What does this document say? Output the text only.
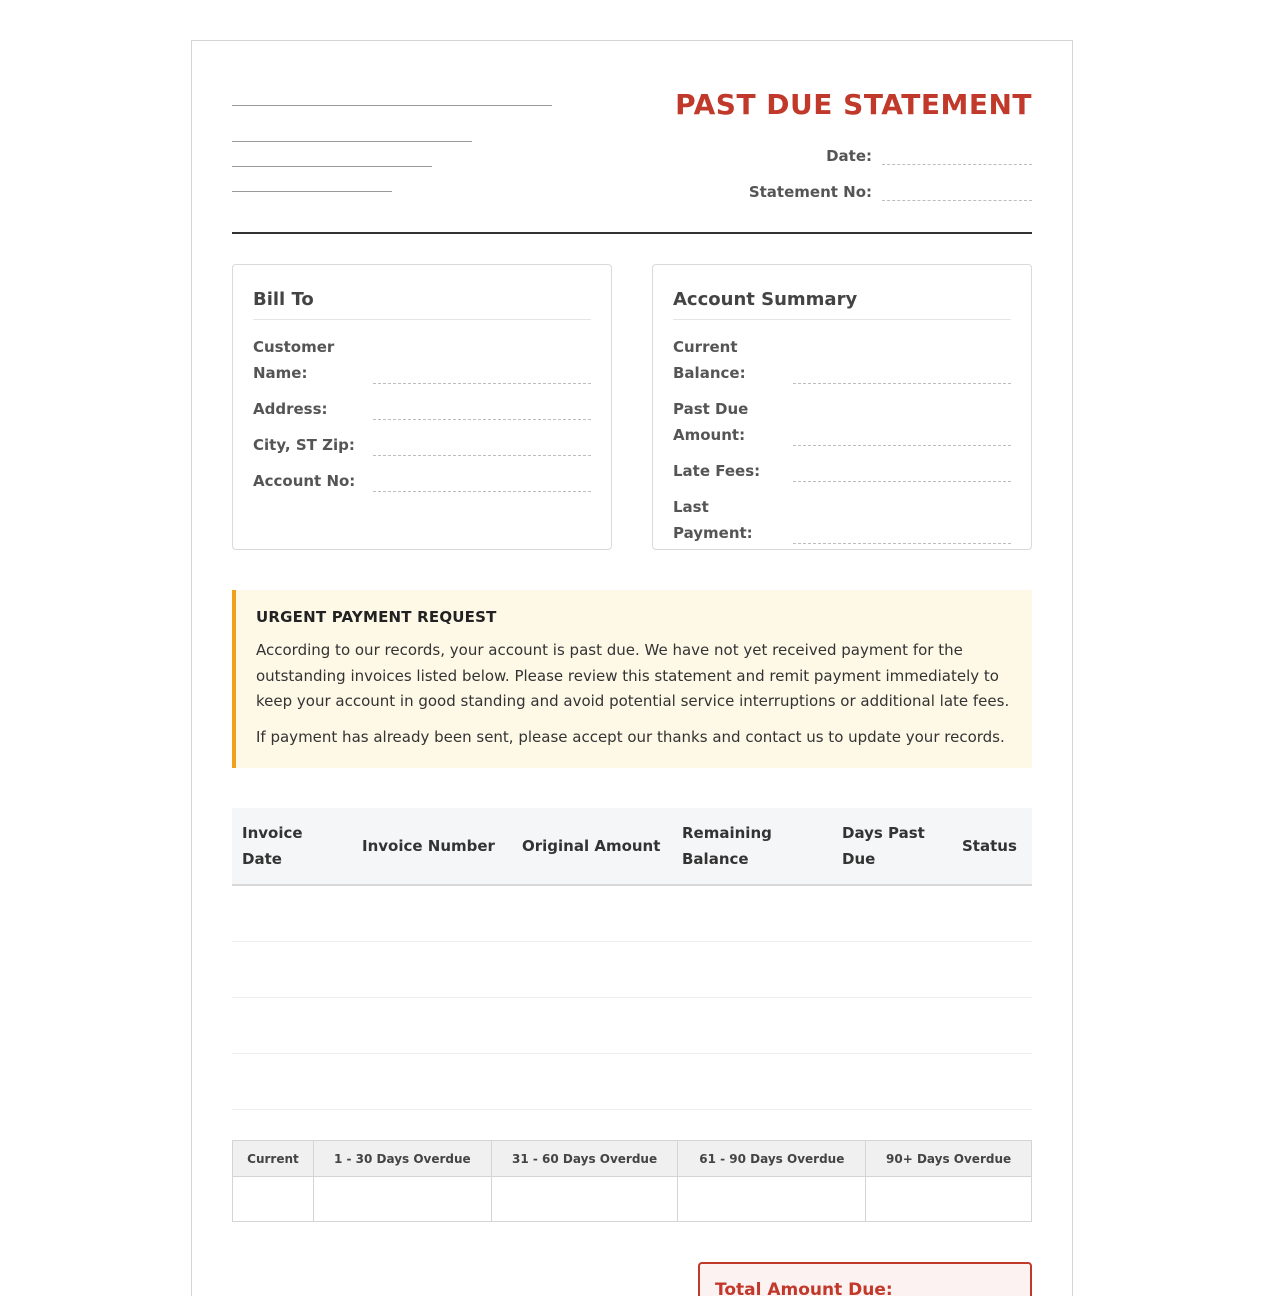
PAST DUE STATEMENT
Date:
Statement No:
Bill To
Customer Name:
Address:
City, ST Zip:
Account No:
Account Summary
Current Balance:
Past Due Amount:
Late Fees:
Last Payment:
URGENT PAYMENT REQUEST

According to our records, your account is past due. We have not yet received payment for the outstanding invoices listed below. Please review this statement and remit payment immediately to keep your account in good standing and avoid potential service interruptions or additional late fees.

If payment has already been sent, please accept our thanks and contact us to update your records.

Invoice Date	Invoice Number	Original Amount	Remaining Balance	Days Past Due	Status

Current	1 - 30 Days Overdue	31 - 60 Days Overdue	61 - 90 Days Overdue	90+ Days Overdue

Total Amount Due:
